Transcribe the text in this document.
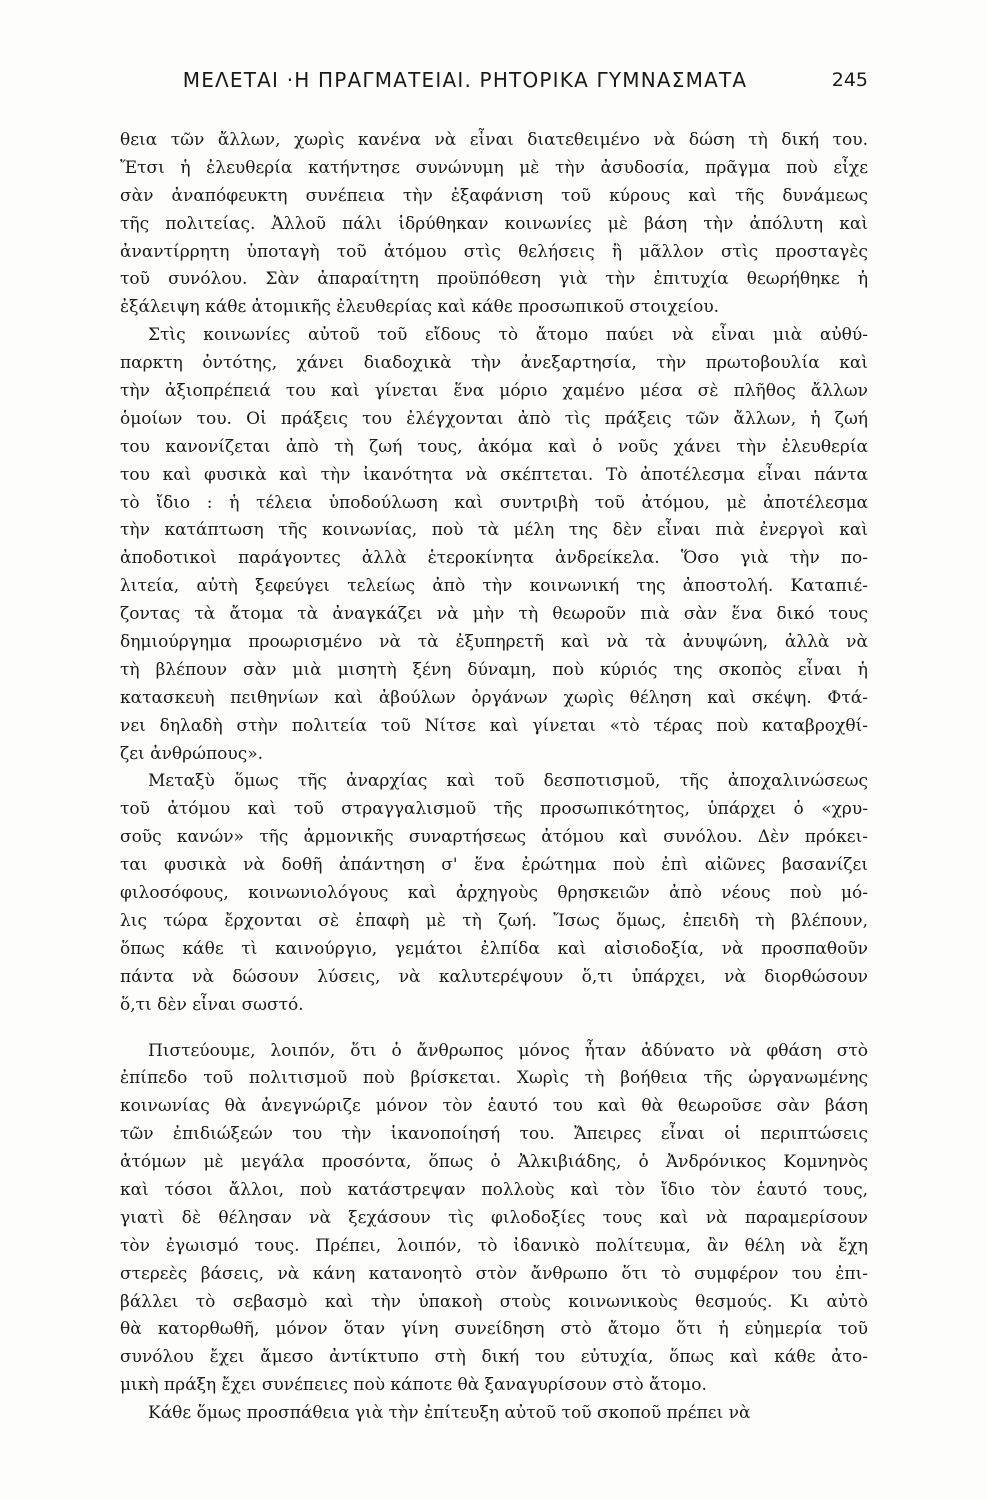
ΜΕΛΕΤΑΙ ·Η ΠΡΑΓΜΑΤΕΙΑΙ. ΡΗΤΟΡΙΚΑ ΓΥΜΝΑΣΜΑΤΑ	245
θεια τῶν ἄλλων, χωρὶς κανένα νὰ εἶναι διατεθειμένο νὰ δώση τὴ δική του.
Ἔτσι ἡ ἐλευθερία κατήντησε συνώνυμη μὲ τὴν ἀσυδοσία, πρᾶγμα ποὺ εἶχε
σὰν ἀναπόφευκτη συνέπεια τὴν ἐξαφάνιση τοῦ κύρους καὶ τῆς δυνάμεως
τῆς πολιτείας. Ἀλλοῦ πάλι ἱδρύθηκαν κοινωνίες μὲ βάση τὴν ἀπόλυτη καὶ
ἀναντίρρητη ὑποταγὴ τοῦ ἀτόμου στὶς θελήσεις ἢ μᾶλλον στὶς προσταγὲς
τοῦ συνόλου. Σὰν ἀπαραίτητη προϋπόθεση γιὰ τὴν ἐπιτυχία θεωρήθηκε ἡ
ἐξάλειψη κάθε ἀτομικῆς ἐλευθερίας καὶ κάθε προσωπικοῦ στοιχείου.
Στὶς κοινωνίες αὐτοῦ τοῦ εἴδους τὸ ἄτομο παύει νὰ εἶναι μιὰ αὐθύ-
παρκτη ὀντότης, χάνει διαδοχικὰ τὴν ἀνεξαρτησία, τὴν πρωτοβουλία καὶ
τὴν ἀξιοπρέπειά του καὶ γίνεται ἕνα μόριο χαμένο μέσα σὲ πλῆθος ἄλλων
ὁμοίων του. Οἱ πράξεις του ἐλέγχονται ἀπὸ τὶς πράξεις τῶν ἄλλων, ἡ ζωή
του κανονίζεται ἀπὸ τὴ ζωή τους, ἀκόμα καὶ ὁ νοῦς χάνει τὴν ἐλευθερία
του καὶ φυσικὰ καὶ τὴν ἱκανότητα νὰ σκέπτεται. Τὸ ἀποτέλεσμα εἶναι πάντα
τὸ ἴδιο : ἡ τέλεια ὑποδούλωση καὶ συντριβὴ τοῦ ἀτόμου, μὲ ἀποτέλεσμα
τὴν κατάπτωση τῆς κοινωνίας, ποὺ τὰ μέλη της δὲν εἶναι πιὰ ἐνεργοὶ καὶ
ἀποδοτικοὶ παράγοντες ἀλλὰ ἑτεροκίνητα ἀνδρείκελα. Ὅσο γιὰ τὴν πο-
λιτεία, αὐτὴ ξεφεύγει τελείως ἀπὸ τὴν κοινωνική της ἀποστολή. Καταπιέ-
ζοντας τὰ ἄτομα τὰ ἀναγκάζει νὰ μὴν τὴ θεωροῦν πιὰ σὰν ἕνα δικό τους
δημιούργημα προωρισμένο νὰ τὰ ἐξυπηρετῆ καὶ νὰ τὰ ἀνυψώνη, ἀλλὰ νὰ
τὴ βλέπουν σὰν μιὰ μισητὴ ξένη δύναμη, ποὺ κύριός της σκοπὸς εἶναι ἡ
κατασκευὴ πειθηνίων καὶ ἀβούλων ὀργάνων χωρὶς θέληση καὶ σκέψη. Φτά-
νει δηλαδὴ στὴν πολιτεία τοῦ Νίτσε καὶ γίνεται «τὸ τέρας ποὺ καταβροχθί-
ζει ἀνθρώπους».
Μεταξὺ ὅμως τῆς ἀναρχίας καὶ τοῦ δεσποτισμοῦ, τῆς ἀποχαλινώσεως
τοῦ ἀτόμου καὶ τοῦ στραγγαλισμοῦ τῆς προσωπικότητος, ὑπάρχει ὁ «χρυ-
σοῦς κανών» τῆς ἁρμονικῆς συναρτήσεως ἀτόμου καὶ συνόλου. Δὲν πρόκει-
ται φυσικὰ νὰ δοθῆ ἀπάντηση σ' ἕνα ἐρώτημα ποὺ ἐπὶ αἰῶνες βασανίζει
φιλοσόφους, κοινωνιολόγους καὶ ἀρχηγοὺς θρησκειῶν ἀπὸ νέους ποὺ μό-
λις τώρα ἔρχονται σὲ ἐπαφὴ μὲ τὴ ζωή. Ἴσως ὅμως, ἐπειδὴ τὴ βλέπουν,
ὅπως κάθε τὶ καινούργιο, γεμάτοι ἐλπίδα καὶ αἰσιοδοξία, νὰ προσπαθοῦν
πάντα νὰ δώσουν λύσεις, νὰ καλυτερέψουν ὅ,τι ὑπάρχει, νὰ διορθώσουν
ὅ,τι δὲν εἶναι σωστό.
Πιστεύουμε, λοιπόν, ὅτι ὁ ἄνθρωπος μόνος ἦταν ἀδύνατο νὰ φθάση στὸ
ἐπίπεδο τοῦ πολιτισμοῦ ποὺ βρίσκεται. Χωρὶς τὴ βοήθεια τῆς ὠργανωμένης
κοινωνίας θὰ ἀνεγνώριζε μόνον τὸν ἑαυτό του καὶ θὰ θεωροῦσε σὰν βάση
τῶν ἐπιδιώξεών του τὴν ἱκανοποίησή του. Ἄπειρες εἶναι οἱ περιπτώσεις
ἀτόμων μὲ μεγάλα προσόντα, ὅπως ὁ Ἀλκιβιάδης, ὁ Ἀνδρόνικος Κομνηνὸς
καὶ τόσοι ἄλλοι, ποὺ κατάστρεψαν πολλοὺς καὶ τὸν ἴδιο τὸν ἑαυτό τους,
γιατὶ δὲ θέλησαν νὰ ξεχάσουν τὶς φιλοδοξίες τους καὶ νὰ παραμερίσουν
τὸν ἐγωισμό τους. Πρέπει, λοιπόν, τὸ ἰδανικὸ πολίτευμα, ἂν θέλη νὰ ἔχη
στερεὲς βάσεις, νὰ κάνη κατανοητὸ στὸν ἄνθρωπο ὅτι τὸ συμφέρον του ἐπι-
βάλλει τὸ σεβασμὸ καὶ τὴν ὑπακοὴ στοὺς κοινωνικοὺς θεσμούς. Κι αὐτὸ
θὰ κατορθωθῆ, μόνον ὅταν γίνη συνείδηση στὸ ἄτομο ὅτι ἡ εὐημερία τοῦ
συνόλου ἔχει ἄμεσο ἀντίκτυπο στὴ δική του εὐτυχία, ὅπως καὶ κάθε ἀτο-
μικὴ πράξη ἔχει συνέπειες ποὺ κάποτε θὰ ξαναγυρίσουν στὸ ἄτομο.
Κάθε ὅμως προσπάθεια γιὰ τὴν ἐπίτευξη αὐτοῦ τοῦ σκοποῦ πρέπει νὰ
